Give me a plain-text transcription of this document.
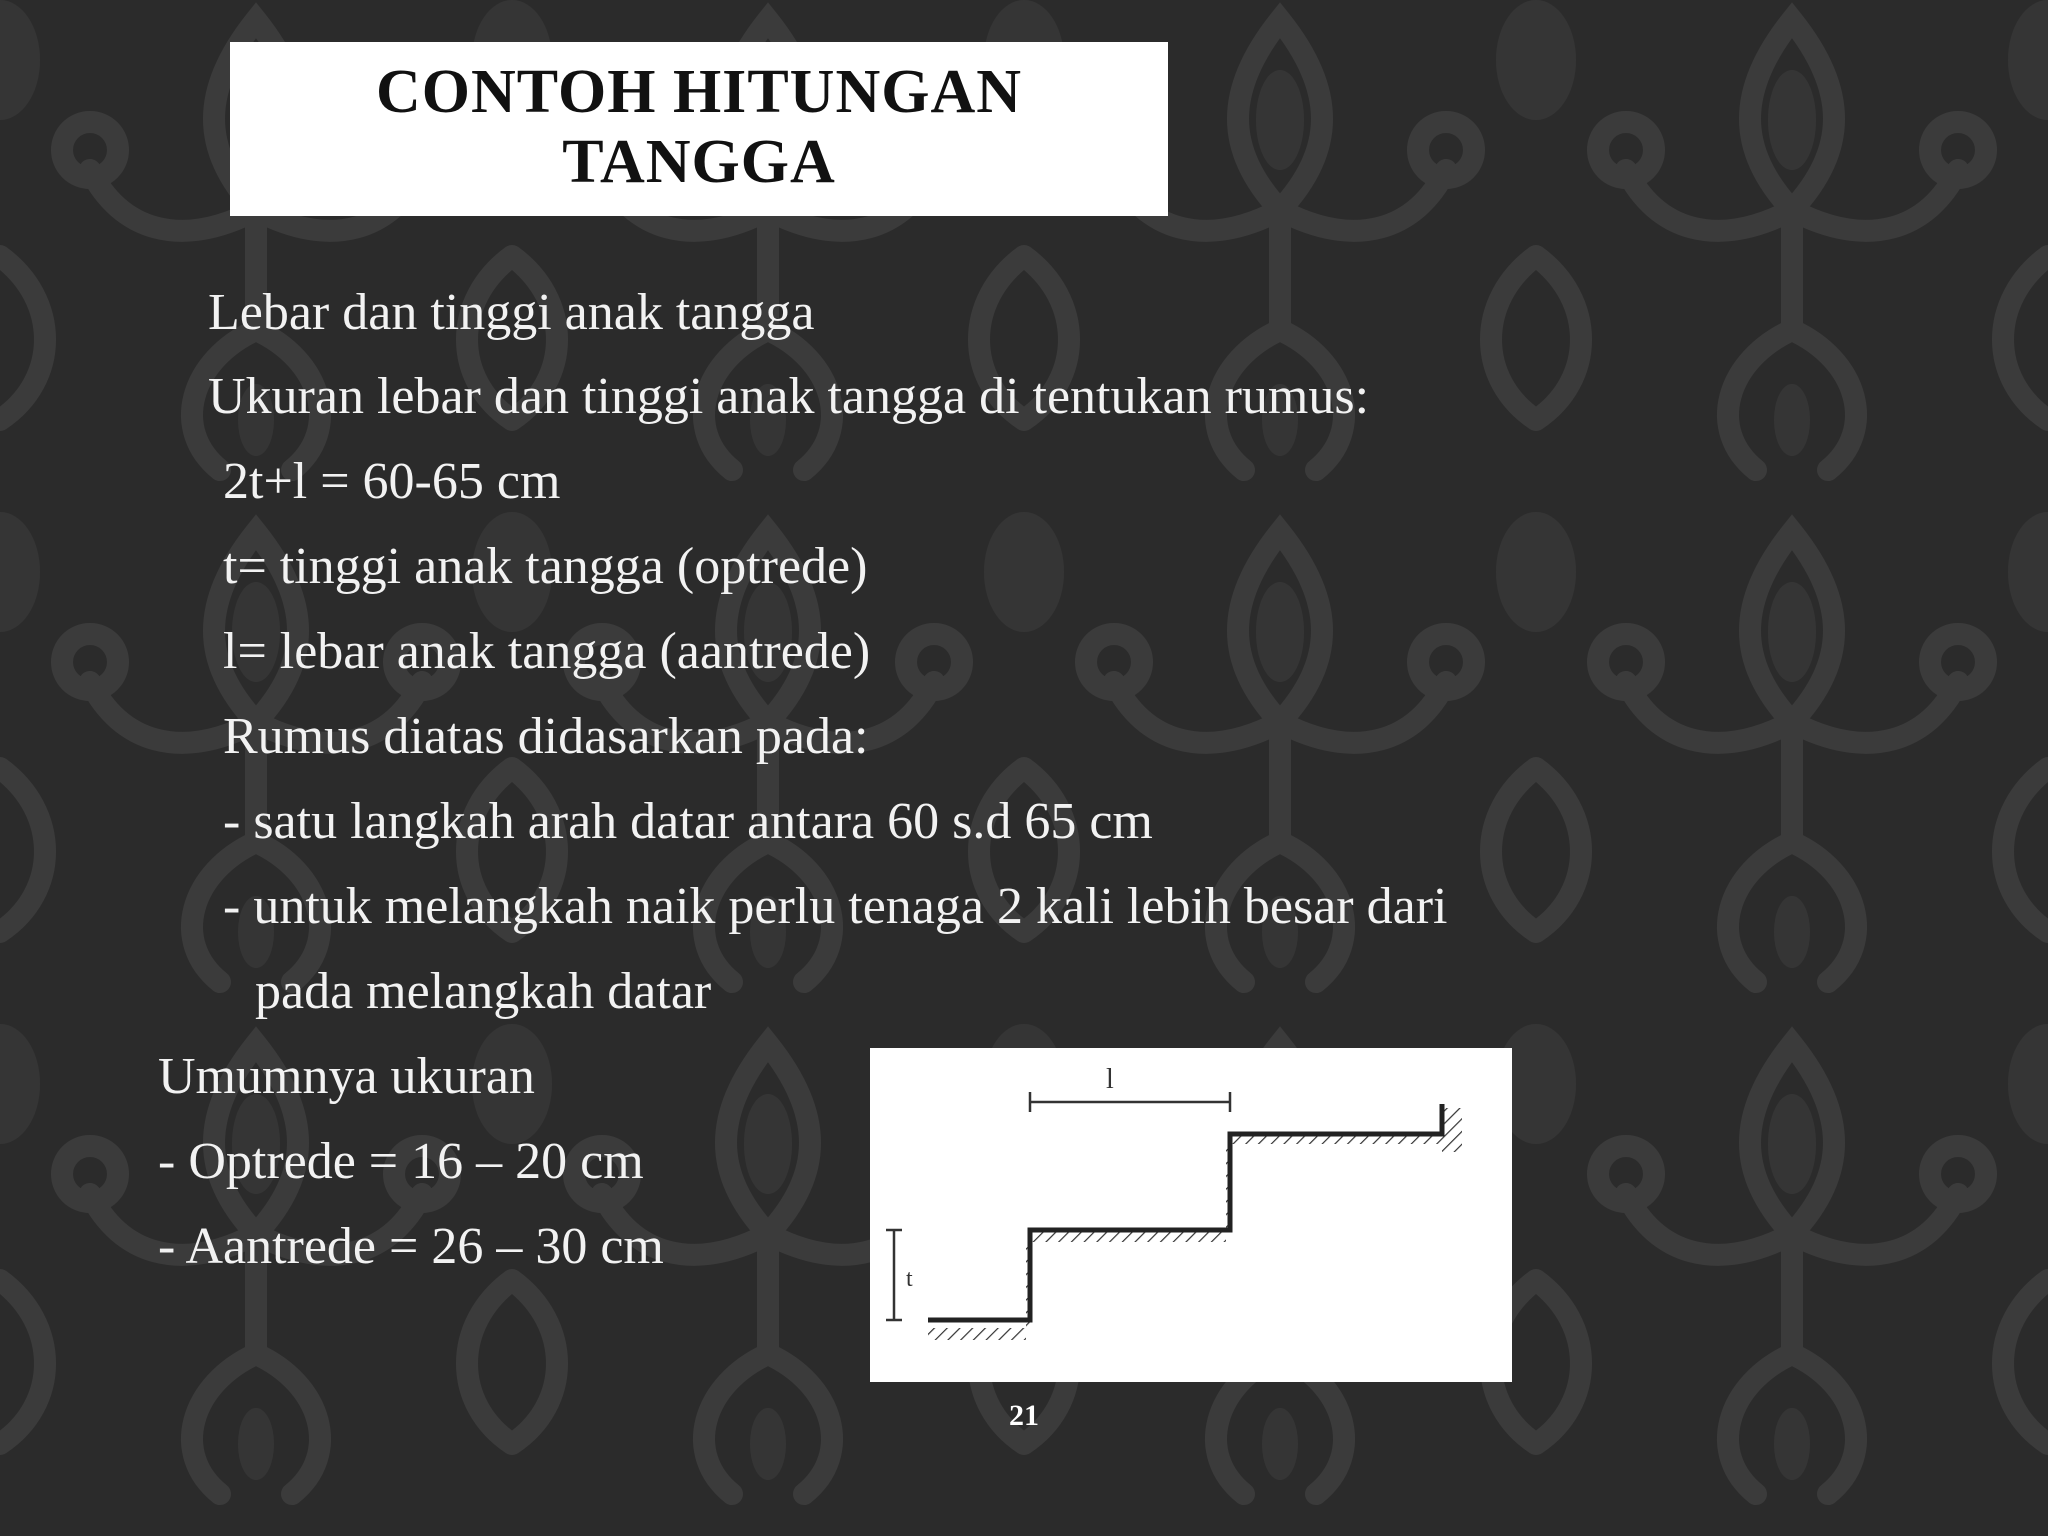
CONTOH HITUNGAN
TANGGA
Lebar dan tinggi anak tangga
Ukuran lebar dan tinggi anak tangga di tentukan rumus:
2t+l = 60-65 cm
t= tinggi anak tangga (optrede)
l= lebar anak tangga (aantrede)
Rumus diatas didasarkan pada:
- satu langkah arah datar antara 60 s.d 65 cm
- untuk melangkah naik perlu tenaga 2 kali lebih besar dari
pada melangkah datar
Umumnya ukuran
- Optrede = 16 – 20 cm
- Aantrede = 26 – 30 cm
l
t
21
